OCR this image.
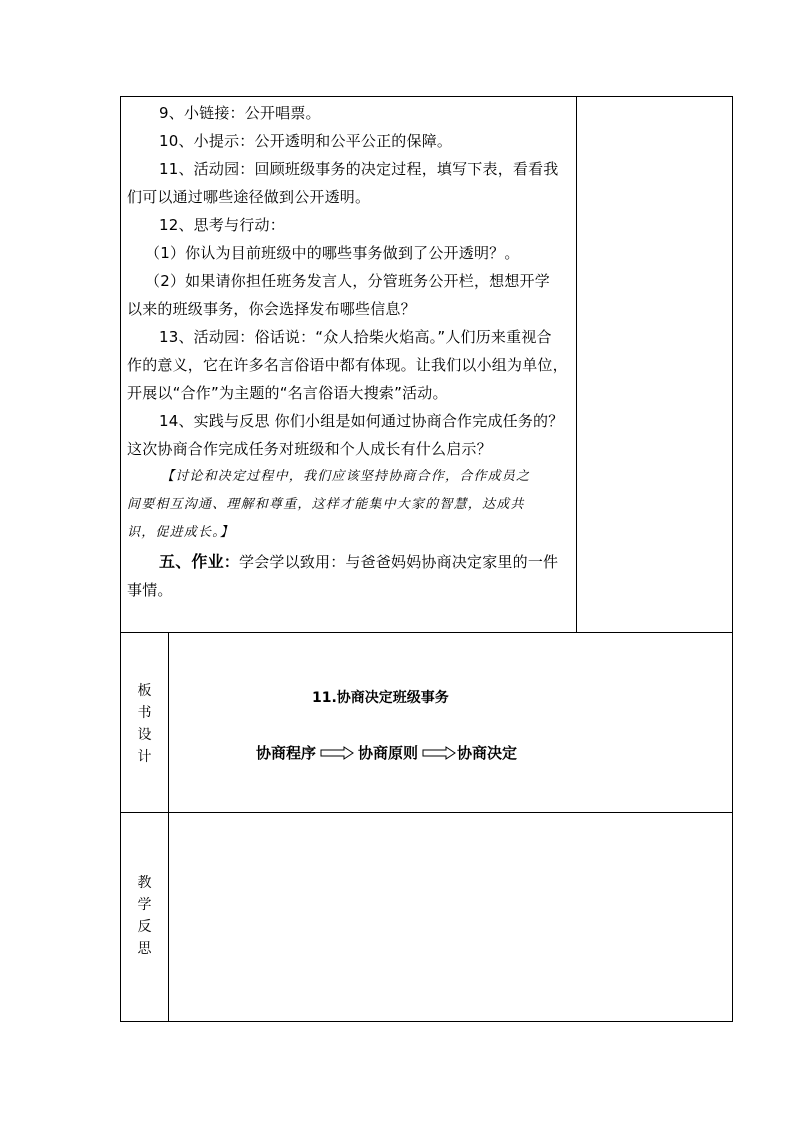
9、小链接：公开唱票。
10、小提示：公开透明和公平公正的保障。
11、活动园：回顾班级事务的决定过程，填写下表，看看我
们可以通过哪些途径做到公开透明。
12、思考与行动：
（1）你认为目前班级中的哪些事务做到了公开透明？。
（2）如果请你担任班务发言人，分管班务公开栏，想想开学
以来的班级事务，你会选择发布哪些信息？
13、活动园：俗话说：“众人拾柴火焰高。”人们历来重视合
作的意义，它在许多名言俗语中都有体现。让我们以小组为单位，
开展以“合作”为主题的“名言俗语大搜索”活动。
14、实践与反思 你们小组是如何通过协商合作完成任务的？
这次协商合作完成任务对班级和个人成长有什么启示？
【讨论和决定过程中，我们应该坚持协商合作，合作成员之
间要相互沟通、理解和尊重，这样才能集中大家的智慧，达成共
识，促进成长。】
五、作业：学会学以致用：与爸爸妈妈协商决定家里的一件
事情。
板
书
设
计
11.协商决定班级事务
协商程序	协商原则	协商决定
教
学
反
思
